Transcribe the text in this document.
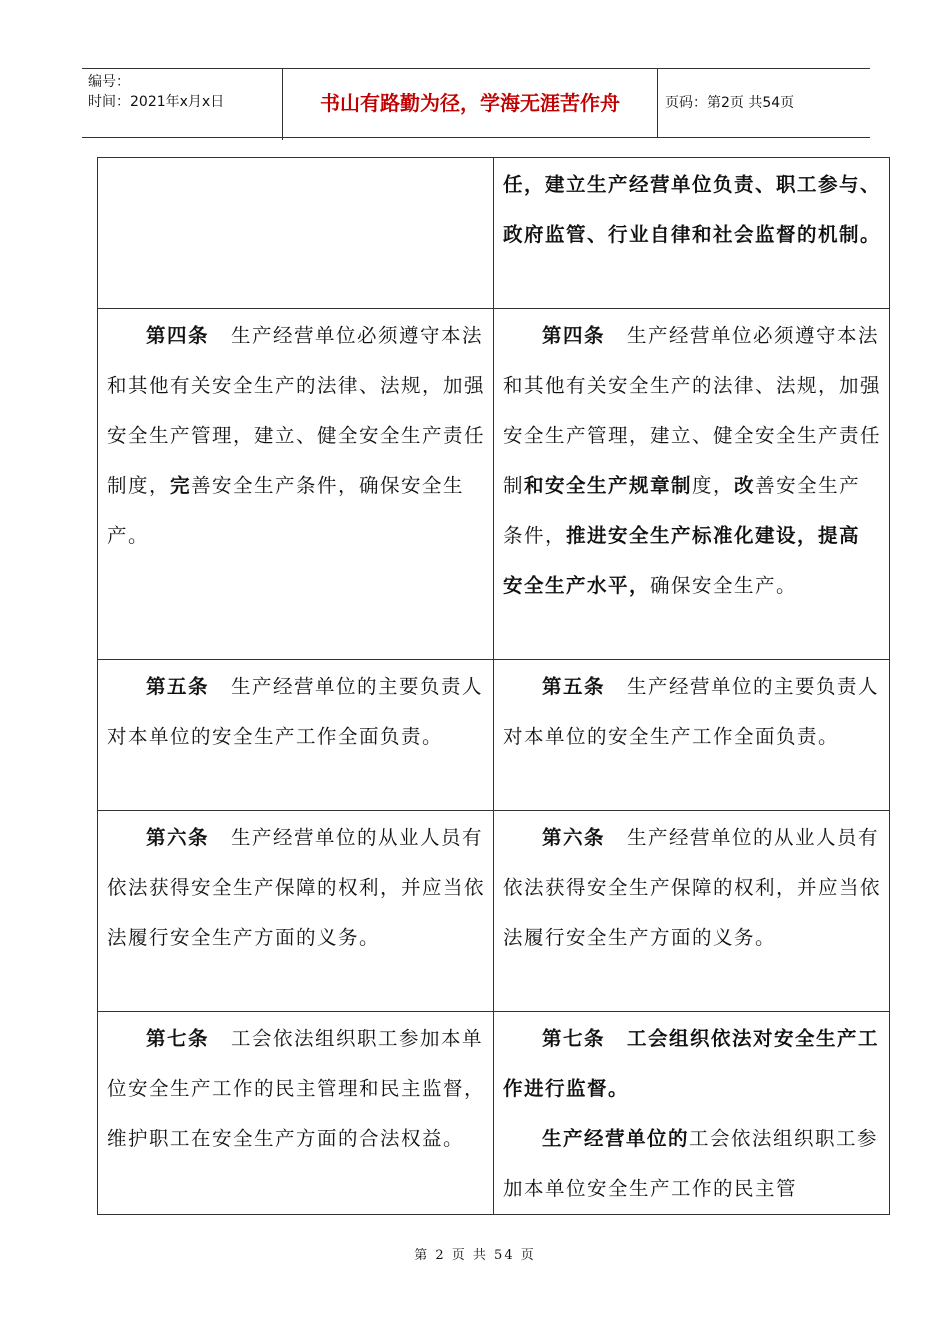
编号：
时间：2021年x月x日	书山有路勤为径，学海无涯苦作舟	页码：第2页 共54页

	任，建立生产经营单位负责、职工参与、政府监管、行业自律和社会监督的机制。

第四条 生产经营单位必须遵守本法和其他有关安全生产的法律、法规，加强安全生产管理，建立、健全安全生产责任制度，完善安全生产条件，确保安全生产。	第四条 生产经营单位必须遵守本法和其他有关安全生产的法律、法规，加强安全生产管理，建立、健全安全生产责任制和安全生产规章制度，改善安全生产条件，推进安全生产标准化建设，提高安全生产水平，确保安全生产。

第五条 生产经营单位的主要负责人对本单位的安全生产工作全面负责。	第五条 生产经营单位的主要负责人对本单位的安全生产工作全面负责。

第六条 生产经营单位的从业人员有依法获得安全生产保障的权利，并应当依法履行安全生产方面的义务。	第六条 生产经营单位的从业人员有依法获得安全生产保障的权利，并应当依法履行安全生产方面的义务。

第七条 工会依法组织职工参加本单位安全生产工作的民主管理和民主监督，维护职工在安全生产方面的合法权益。	第七条 工会组织依法对安全生产工作进行监督。
生产经营单位的工会依法组织职工参加本单位安全生产工作的民主管
第 2 页 共 54 页
